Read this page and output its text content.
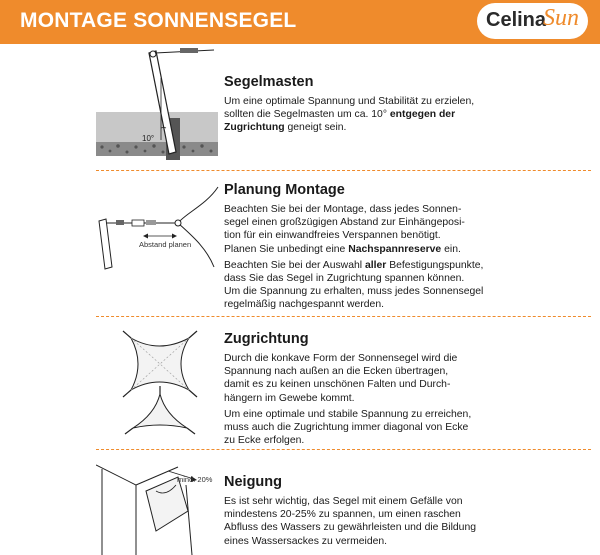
MONTAGE SONNENSEGEL	Celina
Sun
10°
Segelmasten

Um eine optimale Spannung und Stabilität zu erzielen,

sollten die Segelmasten um ca. 10° entgegen der

Zugrichtung geneigt sein.

Abstand planen
Planung Montage

Beachten Sie bei der Montage, dass jedes Sonnen-

segel einen großzügigen Abstand zur Einhängeposi-

tion für ein einwandfreies Verspannen benötigt.

Planen Sie unbedingt eine Nachspannreserve ein.

Beachten Sie bei der Auswahl aller Befestigungspunkte,

dass Sie das Segel in Zugrichtung spannen können.

Um die Spannung zu erhalten, muss jedes Sonnensegel

regelmäßig nachgespannt werden.

Zugrichtung

Durch die konkave Form der Sonnensegel wird die

Spannung nach außen an die Ecken übertragen,

damit es zu keinen unschönen Falten und Durch-

hängern im Gewebe kommt.

Um eine optimale und stabile Spannung zu erreichen,

muss auch die Zugrichtung immer diagonal von Ecke

zu Ecke erfolgen.

mind. 20% Neigung

Es ist sehr wichtig, das Segel mit einem Gefälle von

mindestens 20-25% zu spannen, um einen raschen

Abfluss des Wassers zu gewährleisten und die Bildung

eines Wassersackes zu vermeiden.
